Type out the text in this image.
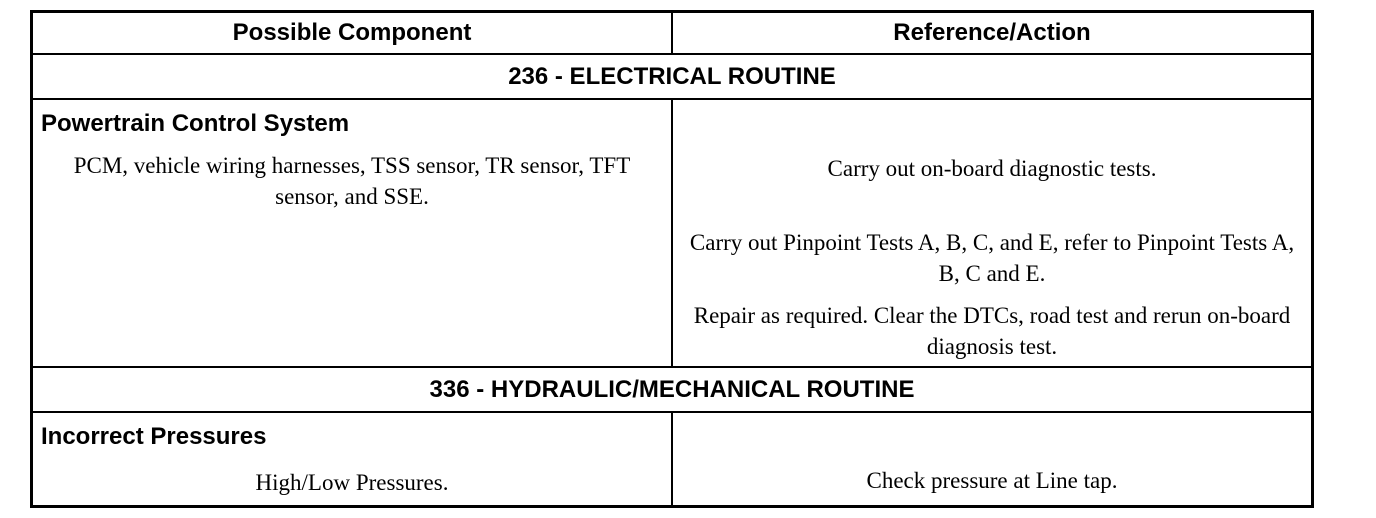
Possible Component	Reference/Action
236 - ELECTRICAL ROUTINE
Powertrain Control System
PCM, vehicle wiring harnesses, TSS sensor, TR sensor, TFT sensor, and SSE.
Carry out on-board diagnostic tests.
Carry out Pinpoint Tests A, B, C, and E, refer to Pinpoint Tests A, B, C and E.
Repair as required. Clear the DTCs, road test and rerun on-board diagnosis test.
336 - HYDRAULIC/MECHANICAL ROUTINE
Incorrect Pressures
High/Low Pressures.	Check pressure at Line tap.
